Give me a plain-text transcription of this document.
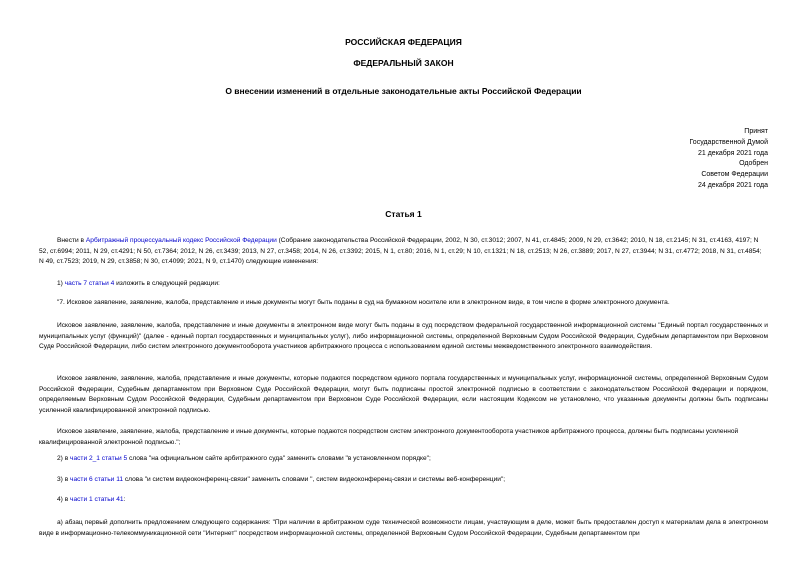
РОССИЙСКАЯ ФЕДЕРАЦИЯ
ФЕДЕРАЛЬНЫЙ ЗАКОН
О внесении изменений в отдельные законодательные акты Российской Федерации
Принят
Государственной Думой
21 декабря 2021 года
Одобрен
Советом Федерации
24 декабря 2021 года
Статья 1
Внести в Арбитражный процессуальный кодекс Российской Федерации (Собрание законодательства Российской Федерации, 2002, N 30, ст.3012; 2007, N 41, ст.4845; 2009, N 29, ст.3642; 2010, N 18, ст.2145; N 31, ст.4163, 4197; N 52, ст.6994; 2011, N 29, ст.4291; N 50, ст.7364; 2012, N 26, ст.3439; 2013, N 27, ст.3458; 2014, N 26, ст.3392; 2015, N 1, ст.80; 2016, N 1, ст.29; N 10, ст.1321; N 18, ст.2513; N 26, ст.3889; 2017, N 27, ст.3944; N 31, ст.4772; 2018, N 31, ст.4854; N 49, ст.7523; 2019, N 29, ст.3858; N 30, ст.4099; 2021, N 9, ст.1470) следующие изменения:
1) часть 7 статьи 4 изложить в следующей редакции:
"7. Исковое заявление, заявление, жалоба, представление и иные документы могут быть поданы в суд на бумажном носителе или в электронном виде, в том числе в форме электронного документа.
Исковое заявление, заявление, жалоба, представление и иные документы в электронном виде могут быть поданы в суд посредством федеральной государственной информационной системы "Единый портал государственных и муниципальных услуг (функций)" (далее - единый портал государственных и муниципальных услуг), либо информационной системы, определенной Верховным Судом Российской Федерации, Судебным департаментом при Верховном Суде Российской Федерации, либо систем электронного документооборота участников арбитражного процесса с использованием единой системы межведомственного электронного взаимодействия.
Исковое заявление, заявление, жалоба, представление и иные документы, которые подаются посредством единого портала государственных и муниципальных услуг, информационной системы, определенной Верховным Судом Российской Федерации, Судебным департаментом при Верховном Суде Российской Федерации, могут быть подписаны простой электронной подписью в соответствии с законодательством Российской Федерации и порядком, определяемым Верховным Судом Российской Федерации, Судебным департаментом при Верховном Суде Российской Федерации, если настоящим Кодексом не установлено, что указанные документы должны быть подписаны усиленной квалифицированной электронной подписью.
Исковое заявление, заявление, жалоба, представление и иные документы, которые подаются посредством систем электронного документооборота участников арбитражного процесса, должны быть подписаны усиленной квалифицированной электронной подписью.";
2) в части 2_1 статьи 5 слова "на официальном сайте арбитражного суда" заменить словами "в установленном порядке";
3) в части 6 статьи 11 слова "и систем видеоконференц-связи" заменить словами ", систем видеоконференц-связи и системы веб-конференции";
4) в части 1 статьи 41:
а) абзац первый дополнить предложением следующего содержания: "При наличии в арбитражном суде технической возможности лицам, участвующим в деле, может быть предоставлен доступ к материалам дела в электронном виде в информационно-телекоммуникационной сети "Интернет" посредством информационной системы, определенной Верховным Судом Российской Федерации, Судебным департаментом при
